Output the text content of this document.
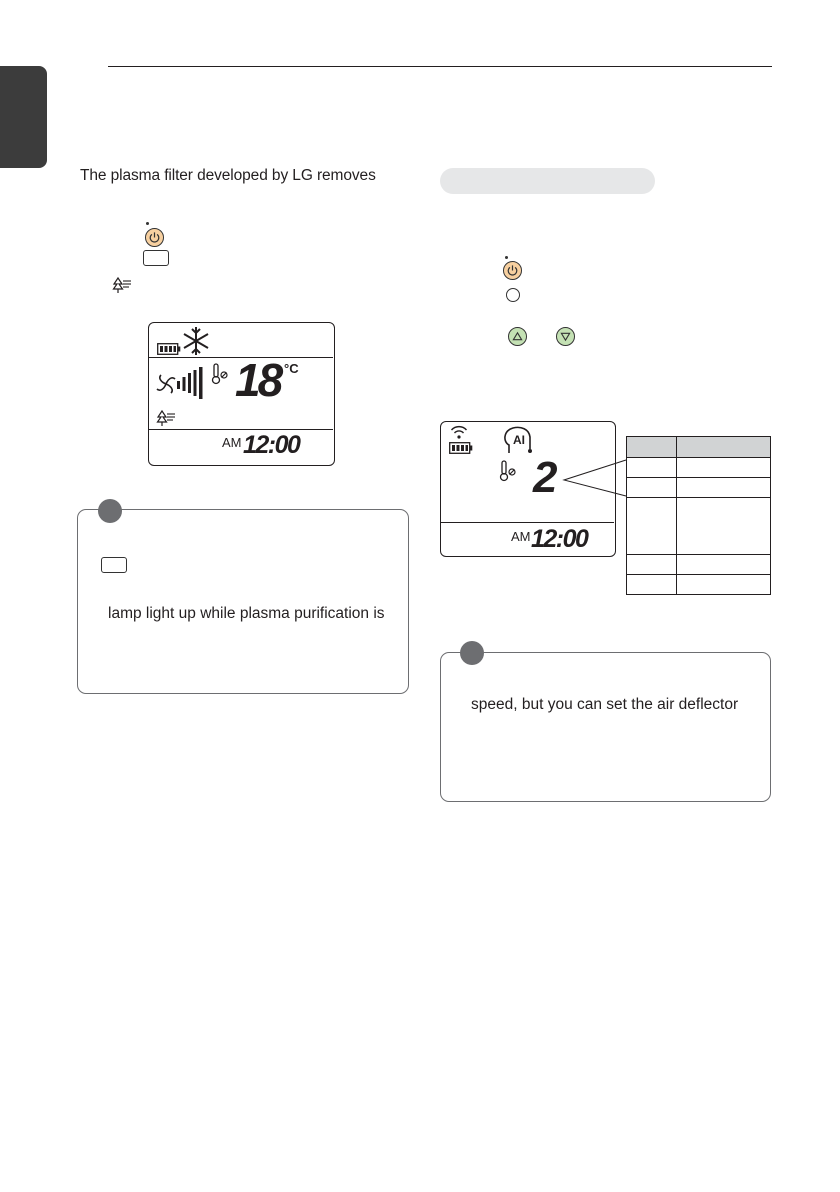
The plasma filter developed by LG removes
18 °C
AM 12:00
lamp light up while plasma purification is
AI
2
AM 12:00

speed, but you can set the air deflector
